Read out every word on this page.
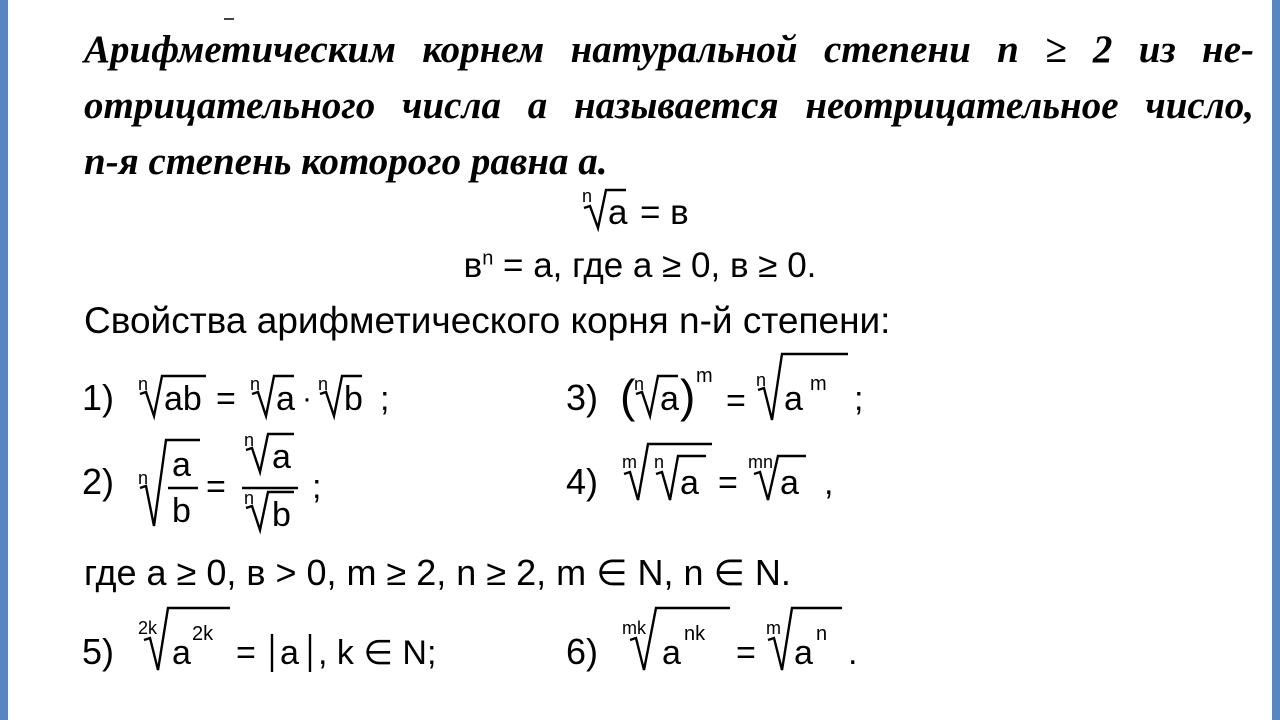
Арифметическим корнем натуральной степени n ≥ 2 из не-
отрицательного числа а называется неотрицательное число,
n-я степень которого равна а.
n a = в
$в^n = а$, где а ≥ 0, в ≥ 0.
Свойства арифметического корня n-й степени:
1) n ab = n a · n b ;	3) (
n a ) m
=
n a m ;
2) n a
b
=
n a
n b
;	4) m n
a =
mn
a ,
где а ≥ 0, в > 0, m ≥ 2, n ≥ 2, m ∈ N, n ∈ N.
5)
2k
a 2k = a , k ∈ N;	6)
mk
a nk =
m
a n .
